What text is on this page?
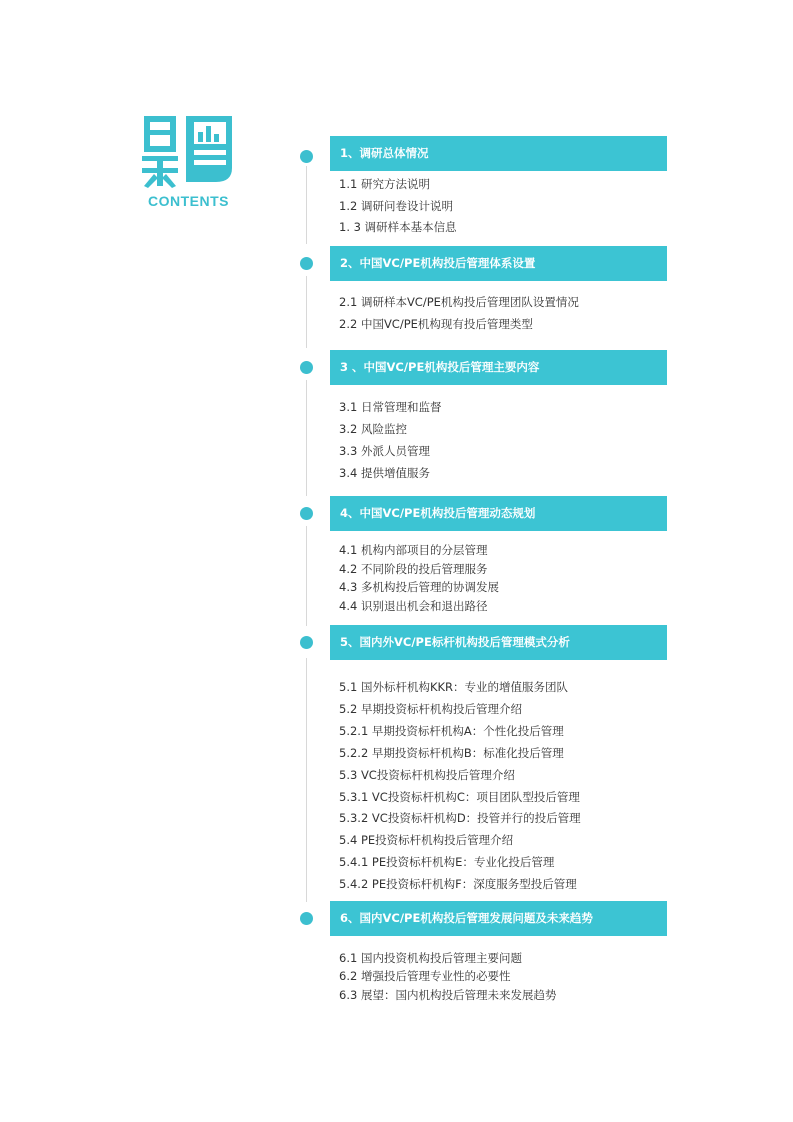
CONTENTS
1、调研总体情况
1.1 研究方法说明
1.2 调研问卷设计说明
1. 3 调研样本基本信息
2、中国VC/PE机构投后管理体系设置
2.1 调研样本VC/PE机构投后管理团队设置情况
2.2 中国VC/PE机构现有投后管理类型
3 、中国VC/PE机构投后管理主要内容
3.1 日常管理和监督
3.2 风险监控
3.3 外派人员管理
3.4 提供增值服务
4、中国VC/PE机构投后管理动态规划
4.1 机构内部项目的分层管理
4.2 不同阶段的投后管理服务
4.3 多机构投后管理的协调发展
4.4 识别退出机会和退出路径
5、国内外VC/PE标杆机构投后管理模式分析
5.1 国外标杆机构KKR：专业的增值服务团队
5.2 早期投资标杆机构投后管理介绍
5.2.1 早期投资标杆机构A：个性化投后管理
5.2.2 早期投资标杆机构B：标准化投后管理
5.3 VC投资标杆机构投后管理介绍
5.3.1 VC投资标杆机构C：项目团队型投后管理
5.3.2 VC投资标杆机构D：投管并行的投后管理
5.4 PE投资标杆机构投后管理介绍
5.4.1 PE投资标杆机构E：专业化投后管理
5.4.2 PE投资标杆机构F：深度服务型投后管理
6、国内VC/PE机构投后管理发展问题及未来趋势
6.1 国内投资机构投后管理主要问题
6.2 增强投后管理专业性的必要性
6.3 展望：国内机构投后管理未来发展趋势
